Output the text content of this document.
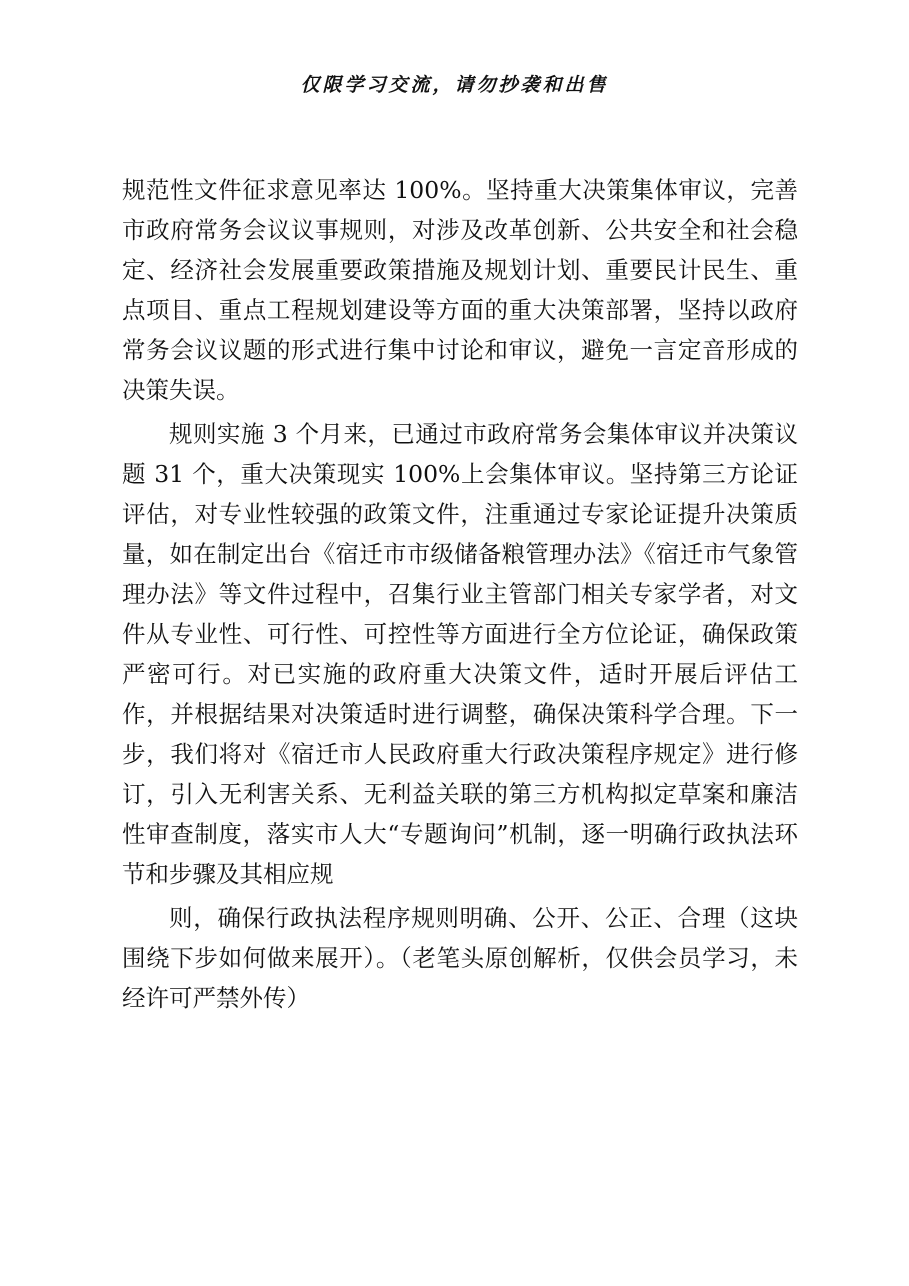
仅限学习交流，请勿抄袭和出售

规范性文件征求意见率达 100%。坚持重大决策集体审议，完善市政府常务会议议事规则，对涉及改革创新、公共安全和社会稳定、经济社会发展重要政策措施及规划计划、重要民计民生、重点项目、重点工程规划建设等方面的重大决策部署，坚持以政府常务会议议题的形式进行集中讨论和审议，避免一言定音形成的决策失误。

规则实施 3 个月来，已通过市政府常务会集体审议并决策议题 31 个，重大决策现实 100%上会集体审议。坚持第三方论证评估，对专业性较强的政策文件，注重通过专家论证提升决策质量，如在制定出台《宿迁市市级储备粮管理办法》《宿迁市气象管理办法》等文件过程中，召集行业主管部门相关专家学者，对文件从专业性、可行性、可控性等方面进行全方位论证，确保政策严密可行。对已实施的政府重大决策文件，适时开展后评估工作，并根据结果对决策适时进行调整，确保决策科学合理。下一步，我们将对《宿迁市人民政府重大行政决策程序规定》进行修订，引入无利害关系、无利益关联的第三方机构拟定草案和廉洁性审查制度，落实市人大“专题询问”机制，逐一明确行政执法环节和步骤及其相应规

则，确保行政执法程序规则明确、公开、公正、合理（这块围绕下步如何做来展开）。（老笔头原创解析，仅供会员学习，未经许可严禁外传）
